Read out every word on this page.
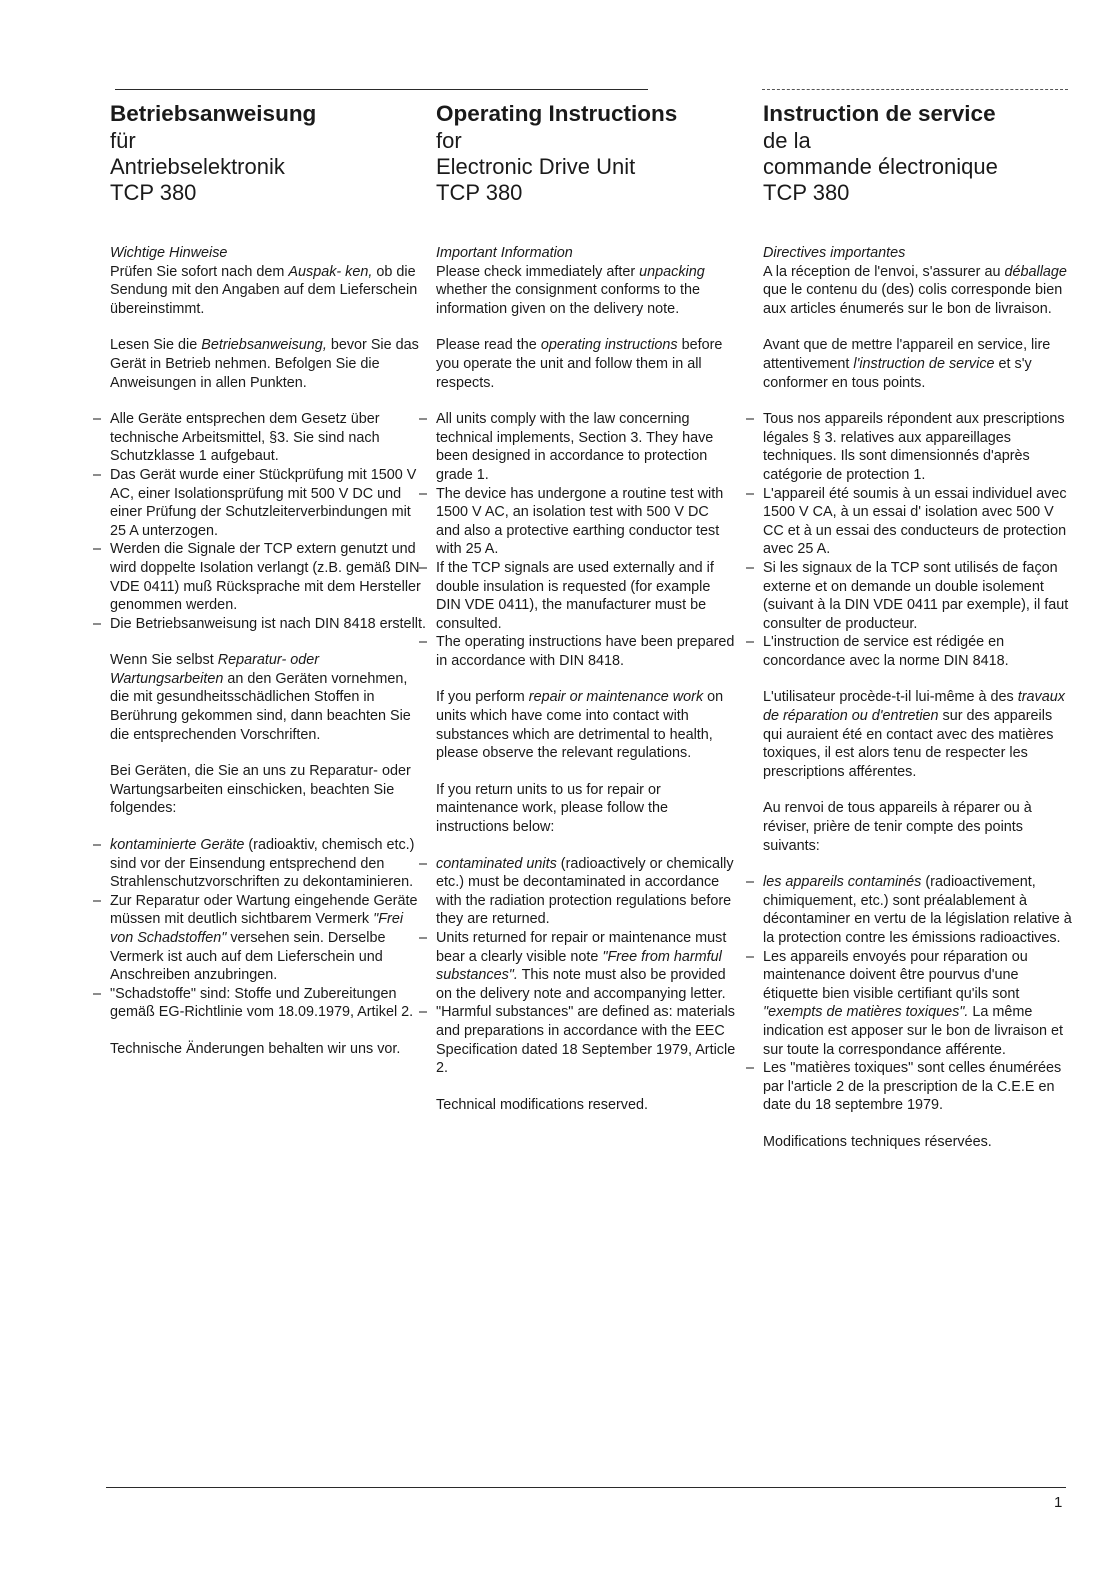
Betriebsanweisung

für

Antriebselektronik

TCP 380

Wichtige Hinweise

Prüfen Sie sofort nach dem Auspak- ken, ob die Sendung mit den Angaben auf dem Lieferschein übereinstimmt.

Lesen Sie die Betriebsanweisung, bevor Sie das Gerät in Betrieb nehmen. Befolgen Sie die Anweisungen in allen Punkten.

– Alle Geräte entsprechen dem Gesetz über technische Arbeitsmittel, §3. Sie sind nach Schutzklasse 1 aufgebaut.
– Das Gerät wurde einer Stückprüfung mit 1500 V AC, einer Isolationsprüfung mit 500 V DC und einer Prüfung der Schutzleiterverbindungen mit 25 A unterzogen.
– Werden die Signale der TCP extern genutzt und wird doppelte Isolation verlangt (z.B. gemäß DIN VDE 0411) muß Rücksprache mit dem Hersteller genommen werden.
– Die Betriebsanweisung ist nach DIN 8418 erstellt.

Wenn Sie selbst Reparatur- oder Wartungsarbeiten an den Geräten vornehmen, die mit gesundheitsschädlichen Stoffen in Berührung gekommen sind, dann beachten Sie die entsprechenden Vorschriften.

Bei Geräten, die Sie an uns zu Reparatur- oder Wartungsarbeiten einschicken, beachten Sie folgendes:

– kontaminierte Geräte (radioaktiv, chemisch etc.) sind vor der Einsendung entsprechend den Strahlenschutzvorschriften zu dekontaminieren.
– Zur Reparatur oder Wartung eingehende Geräte müssen mit deutlich sichtbarem Vermerk "Frei von Schadstoffen" versehen sein. Derselbe Vermerk ist auch auf dem Lieferschein und Anschreiben anzubringen.
– "Schadstoffe" sind: Stoffe und Zubereitungen gemäß EG-Richtlinie vom 18.09.1979, Artikel 2.

Technische Änderungen behalten wir uns vor.

Operating Instructions

for

Electronic Drive Unit

TCP 380

Important Information

Please check immediately after unpacking whether the consignment conforms to the information given on the delivery note.

Please read the operating instructions before you operate the unit and follow them in all respects.

– All units comply with the law concerning technical implements, Section 3. They have been designed in accordance to protection grade 1.
– The device has undergone a routine test with 1500 V AC, an isolation test with 500 V DC and also a protective earthing conductor test with 25 A.
– If the TCP signals are used externally and if double insulation is requested (for example DIN VDE 0411), the manufacturer must be consulted.
– The operating instructions have been prepared in accordance with DIN 8418.

If you perform repair or maintenance work on units which have come into contact with substances which are detrimental to health, please observe the relevant regulations.

If you return units to us for repair or maintenance work, please follow the instructions below:

– contaminated units (radioactively or chemically etc.) must be decontaminated in accordance with the radiation protection regulations before they are returned.
– Units returned for repair or maintenance must bear a clearly visible note "Free from harmful substances". This note must also be provided on the delivery note and accompanying letter.
– "Harmful substances" are defined as: materials and preparations in accordance with the EEC Specification dated 18 September 1979, Article 2.

Technical modifications reserved.

Instruction de service

de la

commande électronique

TCP 380

Directives importantes

A la réception de l'envoi, s'assurer au déballage que le contenu du (des) colis corresponde bien aux articles énumerés sur le bon de livraison.

Avant que de mettre l'appareil en service, lire attentivement l'instruction de service et s'y conformer en tous points.

– Tous nos appareils répondent aux prescriptions légales § 3. relatives aux appareillages techniques. Ils sont dimensionnés d'après catégorie de protection 1.
– L'appareil été soumis à un essai individuel avec 1500 V CA, à un essai d' isolation avec 500 V CC et à un essai des conducteurs de protection avec 25 A.
– Si les signaux de la TCP sont utilisés de façon externe et on demande un double isolement (suivant à la DIN VDE 0411 par exemple), il faut consulter de producteur.
– L'instruction de service est rédigée en concordance avec la norme DIN 8418.

L'utilisateur procède-t-il lui-même à des travaux de réparation ou d'entretien sur des appareils qui auraient été en contact avec des matières toxiques, il est alors tenu de respecter les prescriptions afférentes.

Au renvoi de tous appareils à réparer ou à réviser, prière de tenir compte des points suivants:

– les appareils contaminés (radioactivement, chimiquement, etc.) sont préalablement à décontaminer en vertu de la législation relative à la protection contre les émissions radioactives.
– Les appareils envoyés pour réparation ou maintenance doivent être pourvus d'une étiquette bien visible certifiant qu'ils sont "exempts de matières toxiques". La même indication est apposer sur le bon de livraison et sur toute la correspondance afférente.
– Les "matières toxiques" sont celles énumérées par l'article 2 de la prescription de la C.E.E en date du 18 septembre 1979.

Modifications techniques réservées.

1
